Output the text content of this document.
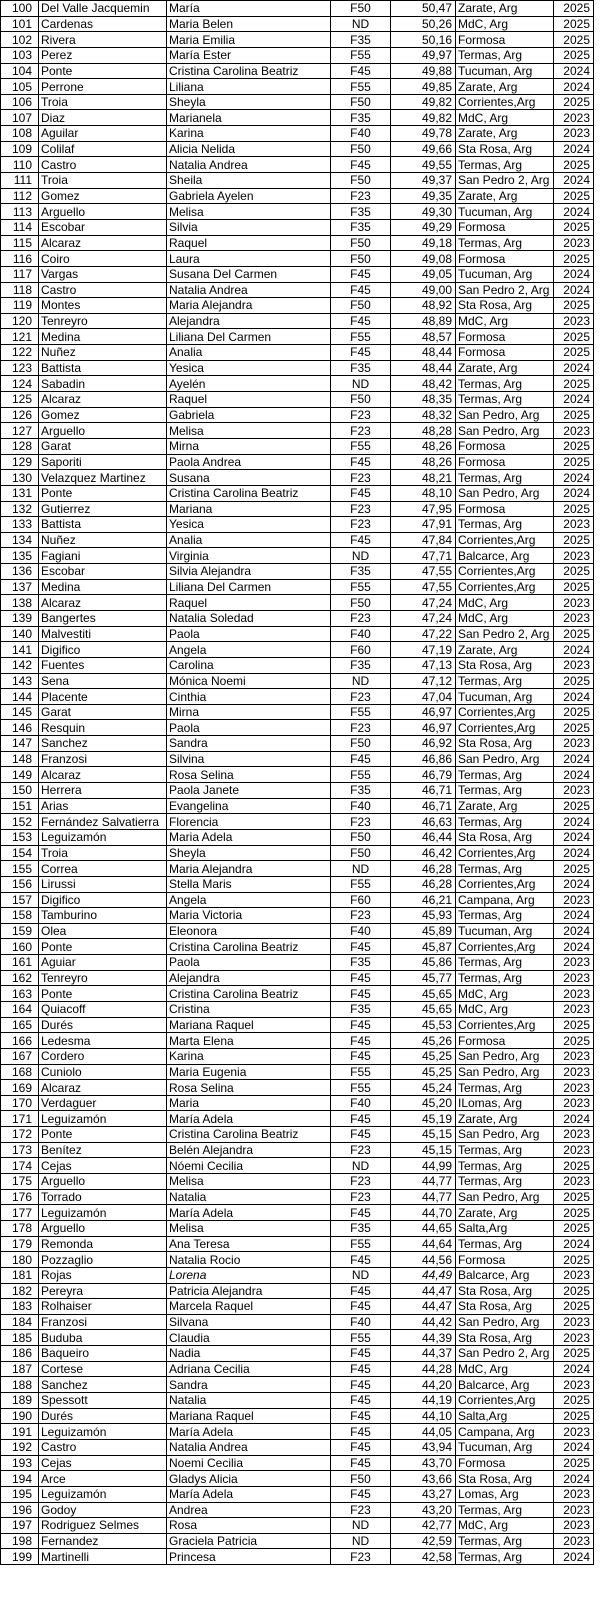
100	Del Valle Jacquemin	María	F50	50,47	Zarate, Arg	2025
101	Cardenas	Maria Belen	ND	50,26	MdC, Arg	2025
102	Rivera	Maria Emilia	F35	50,16	Formosa	2025
103	Perez	María Ester	F55	49,97	Termas, Arg	2025
104	Ponte	Cristina Carolina Beatriz	F45	49,88	Tucuman, Arg	2024
105	Perrone	Liliana	F55	49,85	Zarate, Arg	2024
106	Troia	Sheyla	F50	49,82	Corrientes,Arg	2025
107	Diaz	Marianela	F35	49,82	MdC, Arg	2023
108	Aguilar	Karina	F40	49,78	Zarate, Arg	2023
109	Colilaf	Alicia Nelida	F50	49,66	Sta Rosa, Arg	2024
110	Castro	Natalia Andrea	F45	49,55	Termas, Arg	2025
111	Troia	Sheila	F50	49,37	San Pedro 2, Arg	2024
112	Gomez	Gabriela Ayelen	F23	49,35	Zarate, Arg	2025
113	Arguello	Melisa	F35	49,30	Tucuman, Arg	2024
114	Escobar	Silvia	F35	49,29	Formosa	2025
115	Alcaraz	Raquel	F50	49,18	Termas, Arg	2023
116	Coiro	Laura	F50	49,08	Formosa	2025
117	Vargas	Susana Del Carmen	F45	49,05	Tucuman, Arg	2024
118	Castro	Natalia Andrea	F45	49,00	San Pedro 2, Arg	2024
119	Montes	Maria Alejandra	F50	48,92	Sta Rosa, Arg	2025
120	Tenreyro	Alejandra	F45	48,89	MdC, Arg	2023
121	Medina	Liliana Del Carmen	F55	48,57	Formosa	2025
122	Nuñez	Analia	F45	48,44	Formosa	2025
123	Battista	Yesica	F35	48,44	Zarate, Arg	2024
124	Sabadin	Ayelén	ND	48,42	Termas, Arg	2025
125	Alcaraz	Raquel	F50	48,35	Termas, Arg	2024
126	Gomez	Gabriela	F23	48,32	San Pedro, Arg	2025
127	Arguello	Melisa	F23	48,28	San Pedro, Arg	2023
128	Garat	Mirna	F55	48,26	Formosa	2025
129	Saporiti	Paola Andrea	F45	48,26	Formosa	2025
130	Velazquez Martinez	Susana	F23	48,21	Termas, Arg	2024
131	Ponte	Cristina Carolina Beatriz	F45	48,10	San Pedro, Arg	2024
132	Gutierrez	Mariana	F23	47,95	Formosa	2025
133	Battista	Yesica	F23	47,91	Termas, Arg	2023
134	Nuñez	Analia	F45	47,84	Corrientes,Arg	2025
135	Fagiani	Virginia	ND	47,71	Balcarce, Arg	2023
136	Escobar	Silvia Alejandra	F35	47,55	Corrientes,Arg	2025
137	Medina	Liliana Del Carmen	F55	47,55	Corrientes,Arg	2025
138	Alcaraz	Raquel	F50	47,24	MdC, Arg	2023
139	Bangertes	Natalia Soledad	F23	47,24	MdC, Arg	2023
140	Malvestiti	Paola	F40	47,22	San Pedro 2, Arg	2025
141	Digifico	Angela	F60	47,19	Zarate, Arg	2024
142	Fuentes	Carolina	F35	47,13	Sta Rosa, Arg	2023
143	Sena	Mónica Noemi	ND	47,12	Termas, Arg	2025
144	Placente	Cinthia	F23	47,04	Tucuman, Arg	2024
145	Garat	Mirna	F55	46,97	Corrientes,Arg	2025
146	Resquin	Paola	F23	46,97	Corrientes,Arg	2025
147	Sanchez	Sandra	F50	46,92	Sta Rosa, Arg	2023
148	Franzosi	Silvina	F45	46,86	San Pedro, Arg	2024
149	Alcaraz	Rosa Selina	F55	46,79	Termas, Arg	2024
150	Herrera	Paola Janete	F35	46,71	Termas, Arg	2023
151	Arias	Evangelina	F40	46,71	Zarate, Arg	2025
152	Fernández Salvatierra	Florencia	F23	46,63	Termas, Arg	2024
153	Leguizamón	Maria Adela	F50	46,44	Sta Rosa, Arg	2024
154	Troia	Sheyla	F50	46,42	Corrientes,Arg	2024
155	Correa	Maria Alejandra	ND	46,28	Termas, Arg	2025
156	Lirussi	Stella Maris	F55	46,28	Corrientes,Arg	2024
157	Digifico	Angela	F60	46,21	Campana, Arg	2023
158	Tamburino	Maria Victoria	F23	45,93	Termas, Arg	2024
159	Olea	Eleonora	F40	45,89	Tucuman, Arg	2024
160	Ponte	Cristina Carolina Beatriz	F45	45,87	Corrientes,Arg	2024
161	Aguiar	Paola	F35	45,86	Termas, Arg	2023
162	Tenreyro	Alejandra	F45	45,77	Termas, Arg	2023
163	Ponte	Cristina Carolina Beatriz	F45	45,65	MdC, Arg	2023
164	Quiacoff	Cristina	F35	45,65	MdC, Arg	2023
165	Durés	Mariana Raquel	F45	45,53	Corrientes,Arg	2025
166	Ledesma	Marta Elena	F45	45,26	Formosa	2025
167	Cordero	Karina	F45	45,25	San Pedro, Arg	2023
168	Cuniolo	Maria Eugenia	F55	45,25	San Pedro, Arg	2023
169	Alcaraz	Rosa Selina	F55	45,24	Termas, Arg	2023
170	Verdaguer	Maria	F40	45,20	ILomas, Arg	2023
171	Leguizamón	María Adela	F45	45,19	Zarate, Arg	2024
172	Ponte	Cristina Carolina Beatriz	F45	45,15	San Pedro, Arg	2023
173	Benítez	Belén Alejandra	F23	45,15	Termas, Arg	2023
174	Cejas	Nóemi Cecilia	ND	44,99	Termas, Arg	2025
175	Arguello	Melisa	F23	44,77	Termas, Arg	2023
176	Torrado	Natalia	F23	44,77	San Pedro, Arg	2025
177	Leguizamón	María Adela	F45	44,70	Zarate, Arg	2025
178	Arguello	Melisa	F35	44,65	Salta,Arg	2025
179	Remonda	Ana Teresa	F55	44,64	Termas, Arg	2024
180	Pozzaglio	Natalia Rocio	F45	44,56	Formosa	2025
181	Rojas	Lorena	ND	44,49	Balcarce, Arg	2023
182	Pereyra	Patricia Alejandra	F45	44,47	Sta Rosa, Arg	2025
183	Rolhaiser	Marcela Raquel	F45	44,47	Sta Rosa, Arg	2025
184	Franzosi	Silvana	F40	44,42	San Pedro, Arg	2023
185	Buduba	Claudia	F55	44,39	Sta Rosa, Arg	2023
186	Baqueiro	Nadia	F45	44,37	San Pedro 2, Arg	2025
187	Cortese	Adriana Cecilia	F45	44,28	MdC, Arg	2024
188	Sanchez	Sandra	F45	44,20	Balcarce, Arg	2023
189	Spessott	Natalia	F45	44,19	Corrientes,Arg	2025
190	Durés	Mariana Raquel	F45	44,10	Salta,Arg	2025
191	Leguizamón	María Adela	F45	44,05	Campana, Arg	2023
192	Castro	Natalia Andrea	F45	43,94	Tucuman, Arg	2024
193	Cejas	Noemi Cecilia	F45	43,70	Formosa	2025
194	Arce	Gladys Alicia	F50	43,66	Sta Rosa, Arg	2024
195	Leguizamón	María Adela	F45	43,27	Lomas, Arg	2023
196	Godoy	Andrea	F23	43,20	Termas, Arg	2023
197	Rodriguez Selmes	Rosa	ND	42,77	MdC, Arg	2023
198	Fernandez	Graciela Patricia	ND	42,59	Termas, Arg	2023
199	Martinelli	Princesa	F23	42,58	Termas, Arg	2024
